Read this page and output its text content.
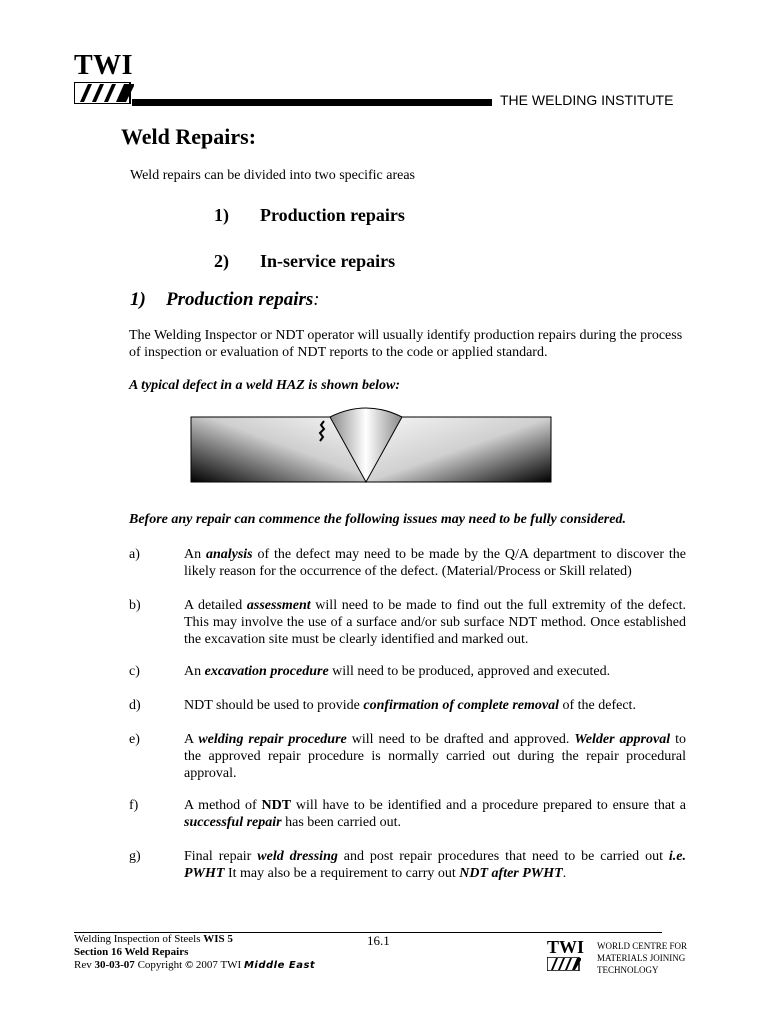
TWI
THE WELDING INSTITUTE
Weld Repairs:
Weld repairs can be divided into two specific areas
1) Production repairs
2) In-service repairs
1) Production repairs:
The Welding Inspector or NDT operator will usually identify production repairs during the process of inspection or evaluation of NDT reports to the code or applied standard.
A typical defect in a weld HAZ is shown below:
Before any repair can commence the following issues may need to be fully considered.
a)	An analysis of the defect may need to be made by the Q/A department to discover the likely reason for the occurrence of the defect. (Material/Process or Skill related)
b)	A detailed assessment will need to be made to find out the full extremity of the defect. This may involve the use of a surface and/or sub surface NDT method. Once established the excavation site must be clearly identified and marked out.
c)	An excavation procedure will need to be produced, approved and executed.
d)	NDT should be used to provide confirmation of complete removal of the defect.
e)	A welding repair procedure will need to be drafted and approved. Welder approval to the approved repair procedure is normally carried out during the repair procedural approval.
f)	A method of NDT will have to be identified and a procedure prepared to ensure that a successful repair has been carried out.
g)	Final repair weld dressing and post repair procedures that need to be carried out i.e. PWHT It may also be a requirement to carry out NDT after PWHT.
Welding Inspection of Steels WIS 5
Section 16 Weld Repairs
Rev 30-03-07 Copyright © 2007 TWI Middle East
16.1	TWI WORLD CENTRE FOR
MATERIALS JOINING
TECHNOLOGY
